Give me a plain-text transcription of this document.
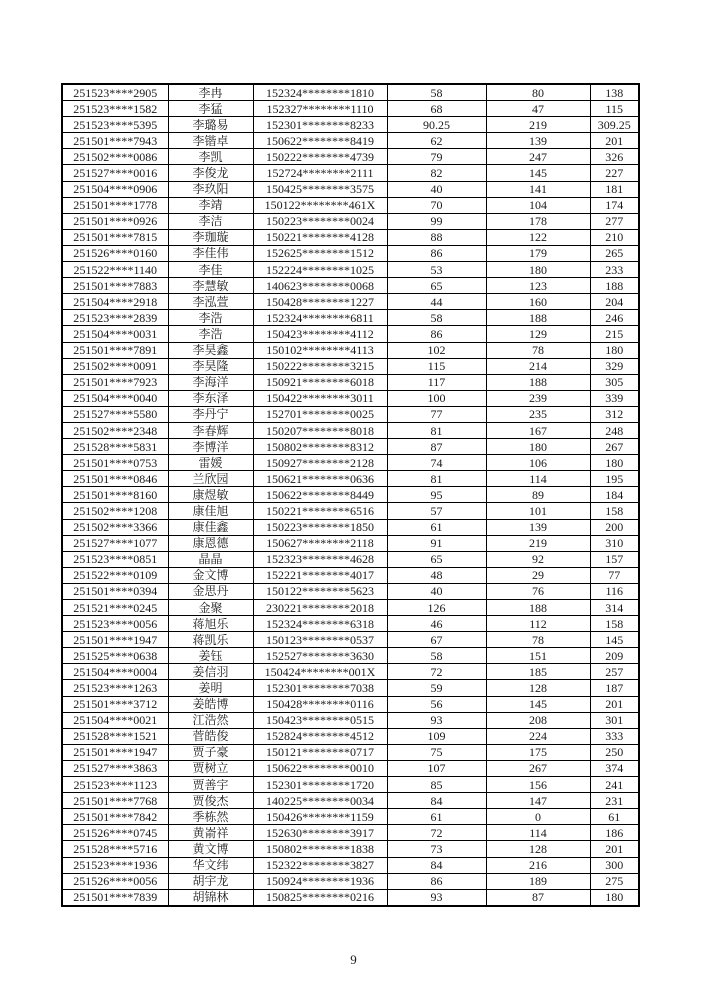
251523****2905	李冉	152324********1810	58	80	138
251523****1582	李猛	152327********1110	68	47	115
251523****5395	李璐易	152301********8233	90.25	219	309.25
251501****7943	李锴卓	150622********8419	62	139	201
251502****0086	李凯	150222********4739	79	247	326
251527****0016	李俊龙	152724********2111	82	145	227
251504****0906	李玖阳	150425********3575	40	141	181
251501****1778	李靖	150122********461X	70	104	174
251501****0926	李洁	150223********0024	99	178	277
251501****7815	李珈璇	150221********4128	88	122	210
251526****0160	李佳伟	152625********1512	86	179	265
251522****1140	李佳	152224********1025	53	180	233
251501****7883	李慧敏	140623********0068	65	123	188
251504****2918	李泓萱	150428********1227	44	160	204
251523****2839	李浩	152324********6811	58	188	246
251504****0031	李浩	150423********4112	86	129	215
251501****7891	李昊鑫	150102********4113	102	78	180
251502****0091	李昊隆	150222********3215	115	214	329
251501****7923	李海洋	150921********6018	117	188	305
251504****0040	李东泽	150422********3011	100	239	339
251527****5580	李丹宁	152701********0025	77	235	312
251502****2348	李春辉	150207********8018	81	167	248
251528****5831	李博洋	150802********8312	87	180	267
251501****0753	雷媛	150927********2128	74	106	180
251501****0846	兰欣园	150621********0636	81	114	195
251501****8160	康煜敏	150622********8449	95	89	184
251502****1208	康佳旭	150221********6516	57	101	158
251502****3366	康佳鑫	150223********1850	61	139	200
251527****1077	康恩德	150627********2118	91	219	310
251523****0851	晶晶	152323********4628	65	92	157
251522****0109	金文博	152221********4017	48	29	77
251501****0394	金思丹	150122********5623	40	76	116
251521****0245	金聚	230221********2018	126	188	314
251523****0056	蒋旭乐	152324********6318	46	112	158
251501****1947	蒋凯乐	150123********0537	67	78	145
251525****0638	姜钰	152527********3630	58	151	209
251504****0004	姜信羽	150424********001X	72	185	257
251523****1263	姜明	152301********7038	59	128	187
251501****3712	姜皓博	150428********0116	56	145	201
251504****0021	江浩然	150423********0515	93	208	301
251528****1521	菅皓俊	152824********4512	109	224	333
251501****1947	贾子豪	150121********0717	75	175	250
251527****3863	贾树立	150622********0010	107	267	374
251523****1123	贾善宇	152301********1720	85	156	241
251501****7768	贾俊杰	140225********0034	84	147	231
251501****7842	季栋然	150426********1159	61	0	61
251526****0745	黄嵛祥	152630********3917	72	114	186
251528****5716	黄文博	150802********1838	73	128	201
251523****1936	华文纬	152322********3827	84	216	300
251526****0056	胡宇龙	150924********1936	86	189	275
251501****7839	胡锦林	150825********0216	93	87	180
9
